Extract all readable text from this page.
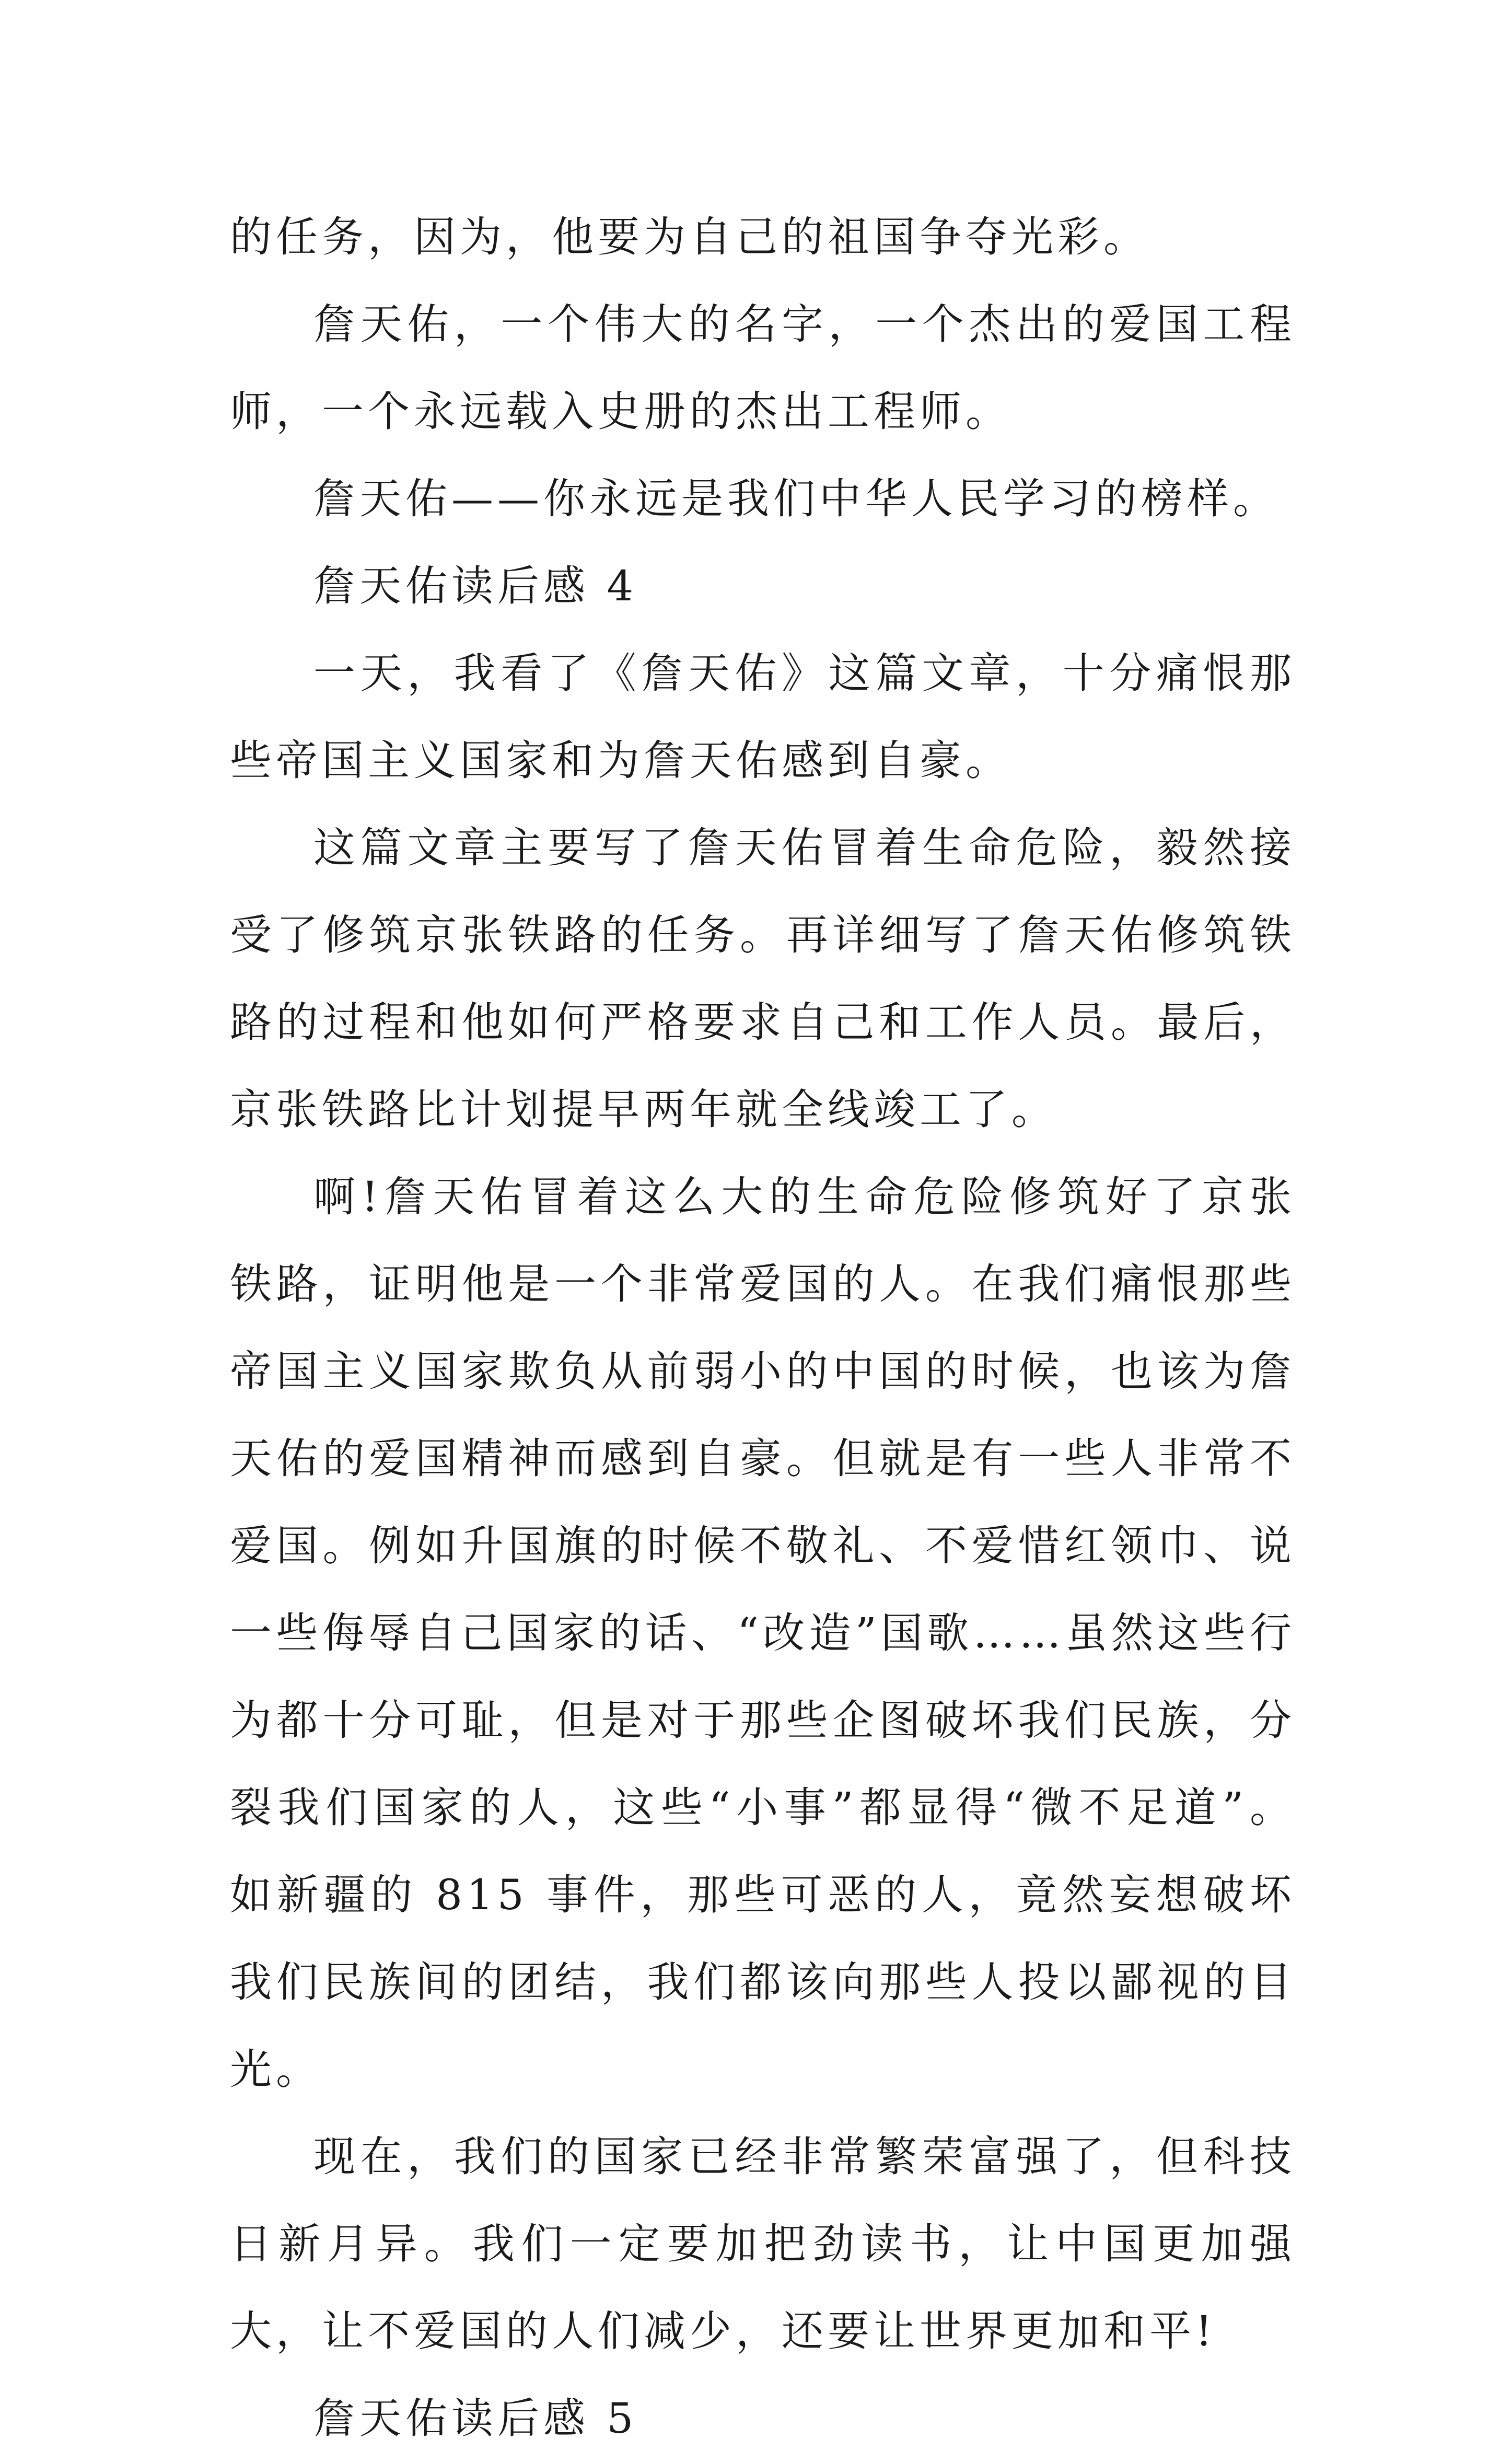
的任务，因为，他要为自己的祖国争夺光彩。

詹天佑，一个伟大的名字，一个杰出的爱国工程师，一个永远载入史册的杰出工程师。

詹天佑——你永远是我们中华人民学习的榜样。

詹天佑读后感 4

一天，我看了《詹天佑》这篇文章，十分痛恨那些帝国主义国家和为詹天佑感到自豪。

这篇文章主要写了詹天佑冒着生命危险，毅然接受了修筑京张铁路的任务。再详细写了詹天佑修筑铁路的过程和他如何严格要求自己和工作人员。最后，京张铁路比计划提早两年就全线竣工了。

啊!詹天佑冒着这么大的生命危险修筑好了京张铁路，证明他是一个非常爱国的人。在我们痛恨那些帝国主义国家欺负从前弱小的中国的时候，也该为詹天佑的爱国精神而感到自豪。但就是有一些人非常不爱国。例如升国旗的时候不敬礼、不爱惜红领巾、说一些侮辱自己国家的话、“改造”国歌……虽然这些行为都十分可耻，但是对于那些企图破坏我们民族，分裂我们国家的人，这些“小事”都显得“微不足道”。如新疆的 815 事件，那些可恶的人，竟然妄想破坏我们民族间的团结，我们都该向那些人投以鄙视的目光。

现在，我们的国家已经非常繁荣富强了，但科技日新月异。我们一定要加把劲读书，让中国更加强大，让不爱国的人们减少，还要让世界更加和平!

詹天佑读后感 5
